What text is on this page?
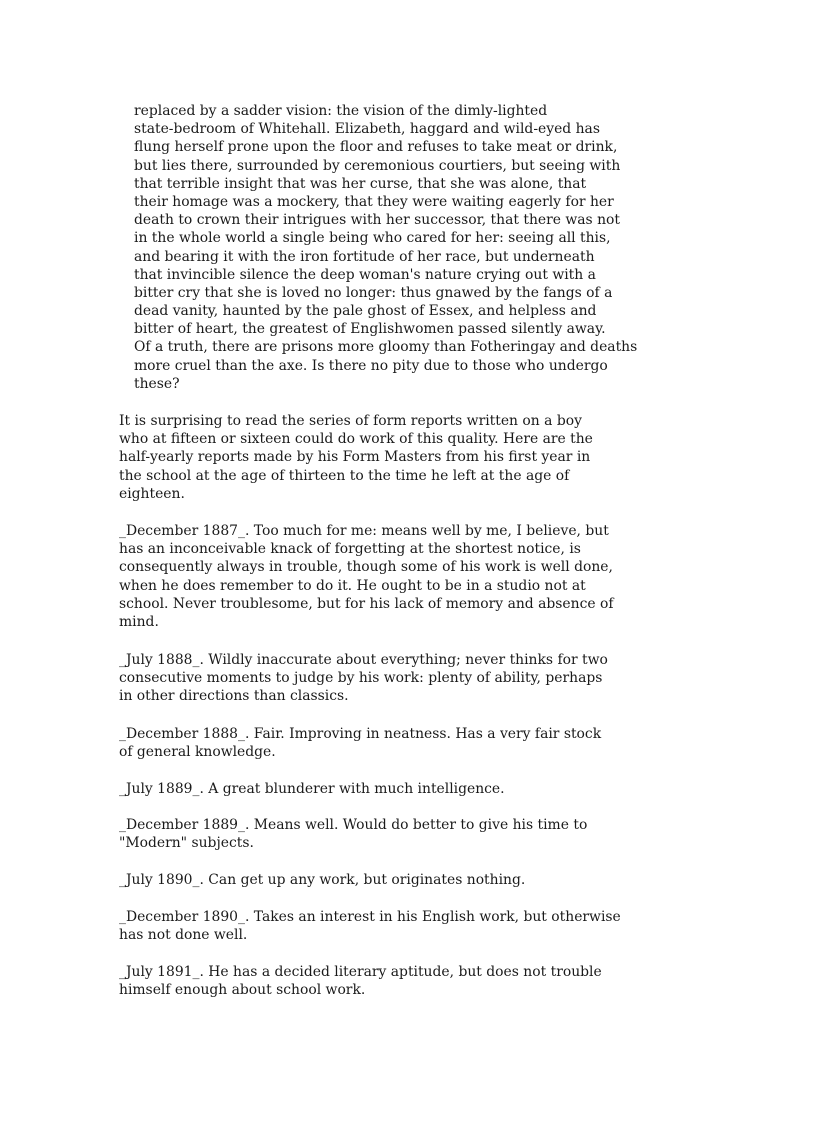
replaced by a sadder vision: the vision of the dimly-lighted
state-bedroom of Whitehall. Elizabeth, haggard and wild-eyed has
flung herself prone upon the floor and refuses to take meat or drink,
but lies there, surrounded by ceremonious courtiers, but seeing with
that terrible insight that was her curse, that she was alone, that
their homage was a mockery, that they were waiting eagerly for her
death to crown their intrigues with her successor, that there was not
in the whole world a single being who cared for her: seeing all this,
and bearing it with the iron fortitude of her race, but underneath
that invincible silence the deep woman's nature crying out with a
bitter cry that she is loved no longer: thus gnawed by the fangs of a
dead vanity, haunted by the pale ghost of Essex, and helpless and
bitter of heart, the greatest of Englishwomen passed silently away.
Of a truth, there are prisons more gloomy than Fotheringay and deaths
more cruel than the axe. Is there no pity due to those who undergo
these?
It is surprising to read the series of form reports written on a boy
who at fifteen or sixteen could do work of this quality. Here are the
half-yearly reports made by his Form Masters from his first year in
the school at the age of thirteen to the time he left at the age of
eighteen.
_December 1887_. Too much for me: means well by me, I believe, but
has an inconceivable knack of forgetting at the shortest notice, is
consequently always in trouble, though some of his work is well done,
when he does remember to do it. He ought to be in a studio not at
school. Never troublesome, but for his lack of memory and absence of
mind.
_July 1888_. Wildly inaccurate about everything; never thinks for two
consecutive moments to judge by his work: plenty of ability, perhaps
in other directions than classics.
_December 1888_. Fair. Improving in neatness. Has a very fair stock
of general knowledge.
_July 1889_. A great blunderer with much intelligence.
_December 1889_. Means well. Would do better to give his time to
"Modern" subjects.
_July 1890_. Can get up any work, but originates nothing.
_December 1890_. Takes an interest in his English work, but otherwise
has not done well.
_July 1891_. He has a decided literary aptitude, but does not trouble
himself enough about school work.
